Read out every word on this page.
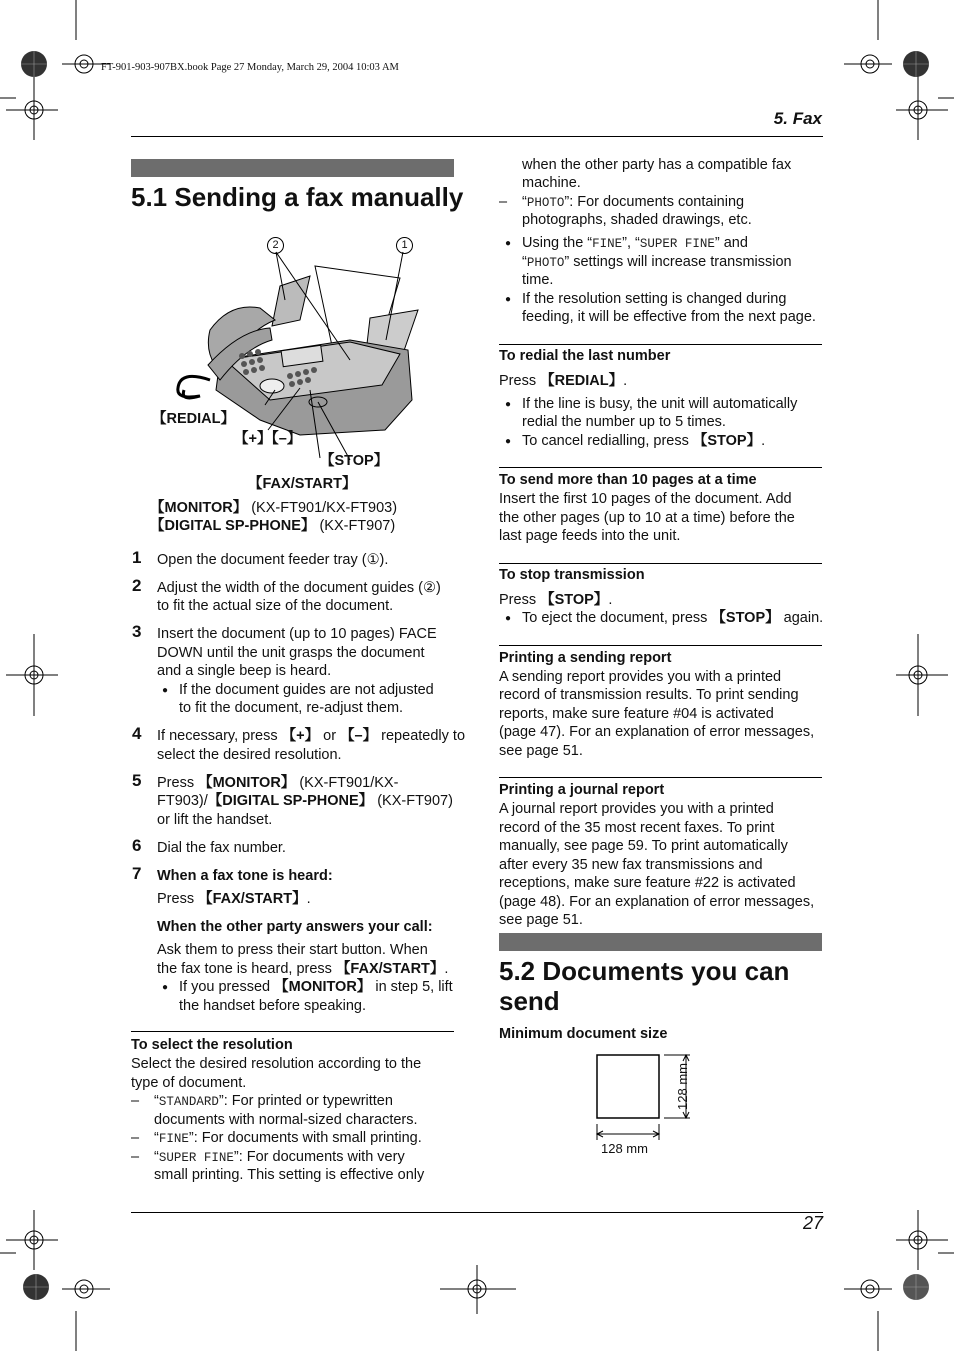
FT-901-903-907BX.book Page 27 Monday, March 29, 2004 10:03 AM
5. Fax
5.1 Sending a fax manually
2	1
【REDIAL】
【+】【–】
【STOP】
【FAX/START】
【MONITOR】 (KX-FT901/KX-FT903)
【DIGITAL SP-PHONE】 (KX-FT907)
1 Open the document feeder tray (①).
2 Adjust the width of the document guides (②)
to fit the actual size of the document.
3 Insert the document (up to 10 pages) FACE
DOWN until the unit grasps the document
and a single beep is heard.
● If the document guides are not adjusted
to fit the document, re-adjust them.
4 If necessary, press 【+】 or 【–】 repeatedly to
select the desired resolution.
5 Press 【MONITOR】 (KX-FT901/KX-
FT903)/【DIGITAL SP-PHONE】 (KX-FT907)
or lift the handset.
6 Dial the fax number.
7 When a fax tone is heard:
Press 【FAX/START】.
When the other party answers your call:
Ask them to press their start button. When
the fax tone is heard, press 【FAX/START】.
● If you pressed 【MONITOR】 in step 5, lift
the handset before speaking.
To select the resolution
Select the desired resolution according to the
type of document.
– “STANDARD”: For printed or typewritten
documents with normal-sized characters.
– “FINE”: For documents with small printing.
– “SUPER FINE”: For documents with very
small printing. This setting is effective only
when the other party has a compatible fax
machine.
– “PHOTO”: For documents containing
photographs, shaded drawings, etc.
● Using the “FINE”, “SUPER FINE” and
“PHOTO” settings will increase transmission
time.
● If the resolution setting is changed during
feeding, it will be effective from the next page.
To redial the last number
Press 【REDIAL】.
● If the line is busy, the unit will automatically
redial the number up to 5 times.
● To cancel redialling, press 【STOP】.
To send more than 10 pages at a time
Insert the first 10 pages of the document. Add
the other pages (up to 10 at a time) before the
last page feeds into the unit.
To stop transmission
Press 【STOP】.
● To eject the document, press 【STOP】 again.
Printing a sending report
A sending report provides you with a printed
record of transmission results. To print sending
reports, make sure feature #04 is activated
(page 47). For an explanation of error messages,
see page 51.
Printing a journal report
A journal report provides you with a printed
record of the 35 most recent faxes. To print
manually, see page 59. To print automatically
after every 35 new fax transmissions and
receptions, make sure feature #22 is activated
(page 48). For an explanation of error messages,
see page 51.
5.2 Documents you can
send
Minimum document size
128 mm
128 mm
27
